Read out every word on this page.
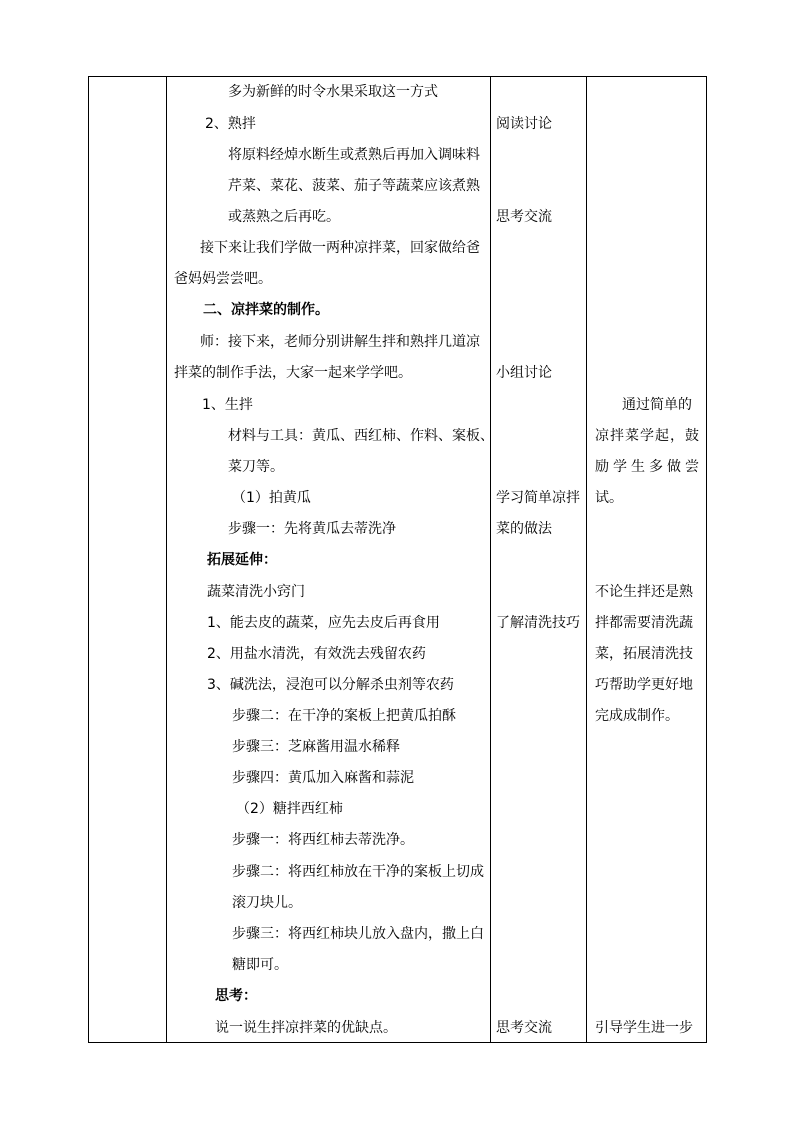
多为新鲜的时令水果采取这一方式
2、熟拌
将原料经焯水断生或煮熟后再加入调味料
芹菜、菜花、菠菜、茄子等蔬菜应该煮熟
或蒸熟之后再吃。
接下来让我们学做一两种凉拌菜，回家做给爸
爸妈妈尝尝吧。
二、凉拌菜的制作。
师：接下来，老师分别讲解生拌和熟拌几道凉
拌菜的制作手法，大家一起来学学吧。
1、生拌
材料与工具：黄瓜、西红柿、作料、案板、
菜刀等。
（1）拍黄瓜
步骤一：先将黄瓜去蒂洗净
拓展延伸：
蔬菜清洗小窍门
1、能去皮的蔬菜，应先去皮后再食用
2、用盐水清洗，有效洗去残留农药
3、碱洗法，浸泡可以分解杀虫剂等农药
步骤二：在干净的案板上把黄瓜拍酥
步骤三：芝麻酱用温水稀释
步骤四：黄瓜加入麻酱和蒜泥
（2）糖拌西红柿
步骤一：将西红柿去蒂洗净。
步骤二：将西红柿放在干净的案板上切成
滚刀块儿。
步骤三：将西红柿块儿放入盘内，撒上白
糖即可。
思考：
说一说生拌凉拌菜的优缺点。
阅读讨论
思考交流
小组讨论
学习简单凉拌
菜的做法
了解清洗技巧
思考交流
通过简单的
凉拌菜学起，鼓
励学生多做尝
试。
不论生拌还是熟
拌都需要清洗蔬
菜，拓展清洗技
巧帮助学更好地
完成成制作。
引导学生进一步
